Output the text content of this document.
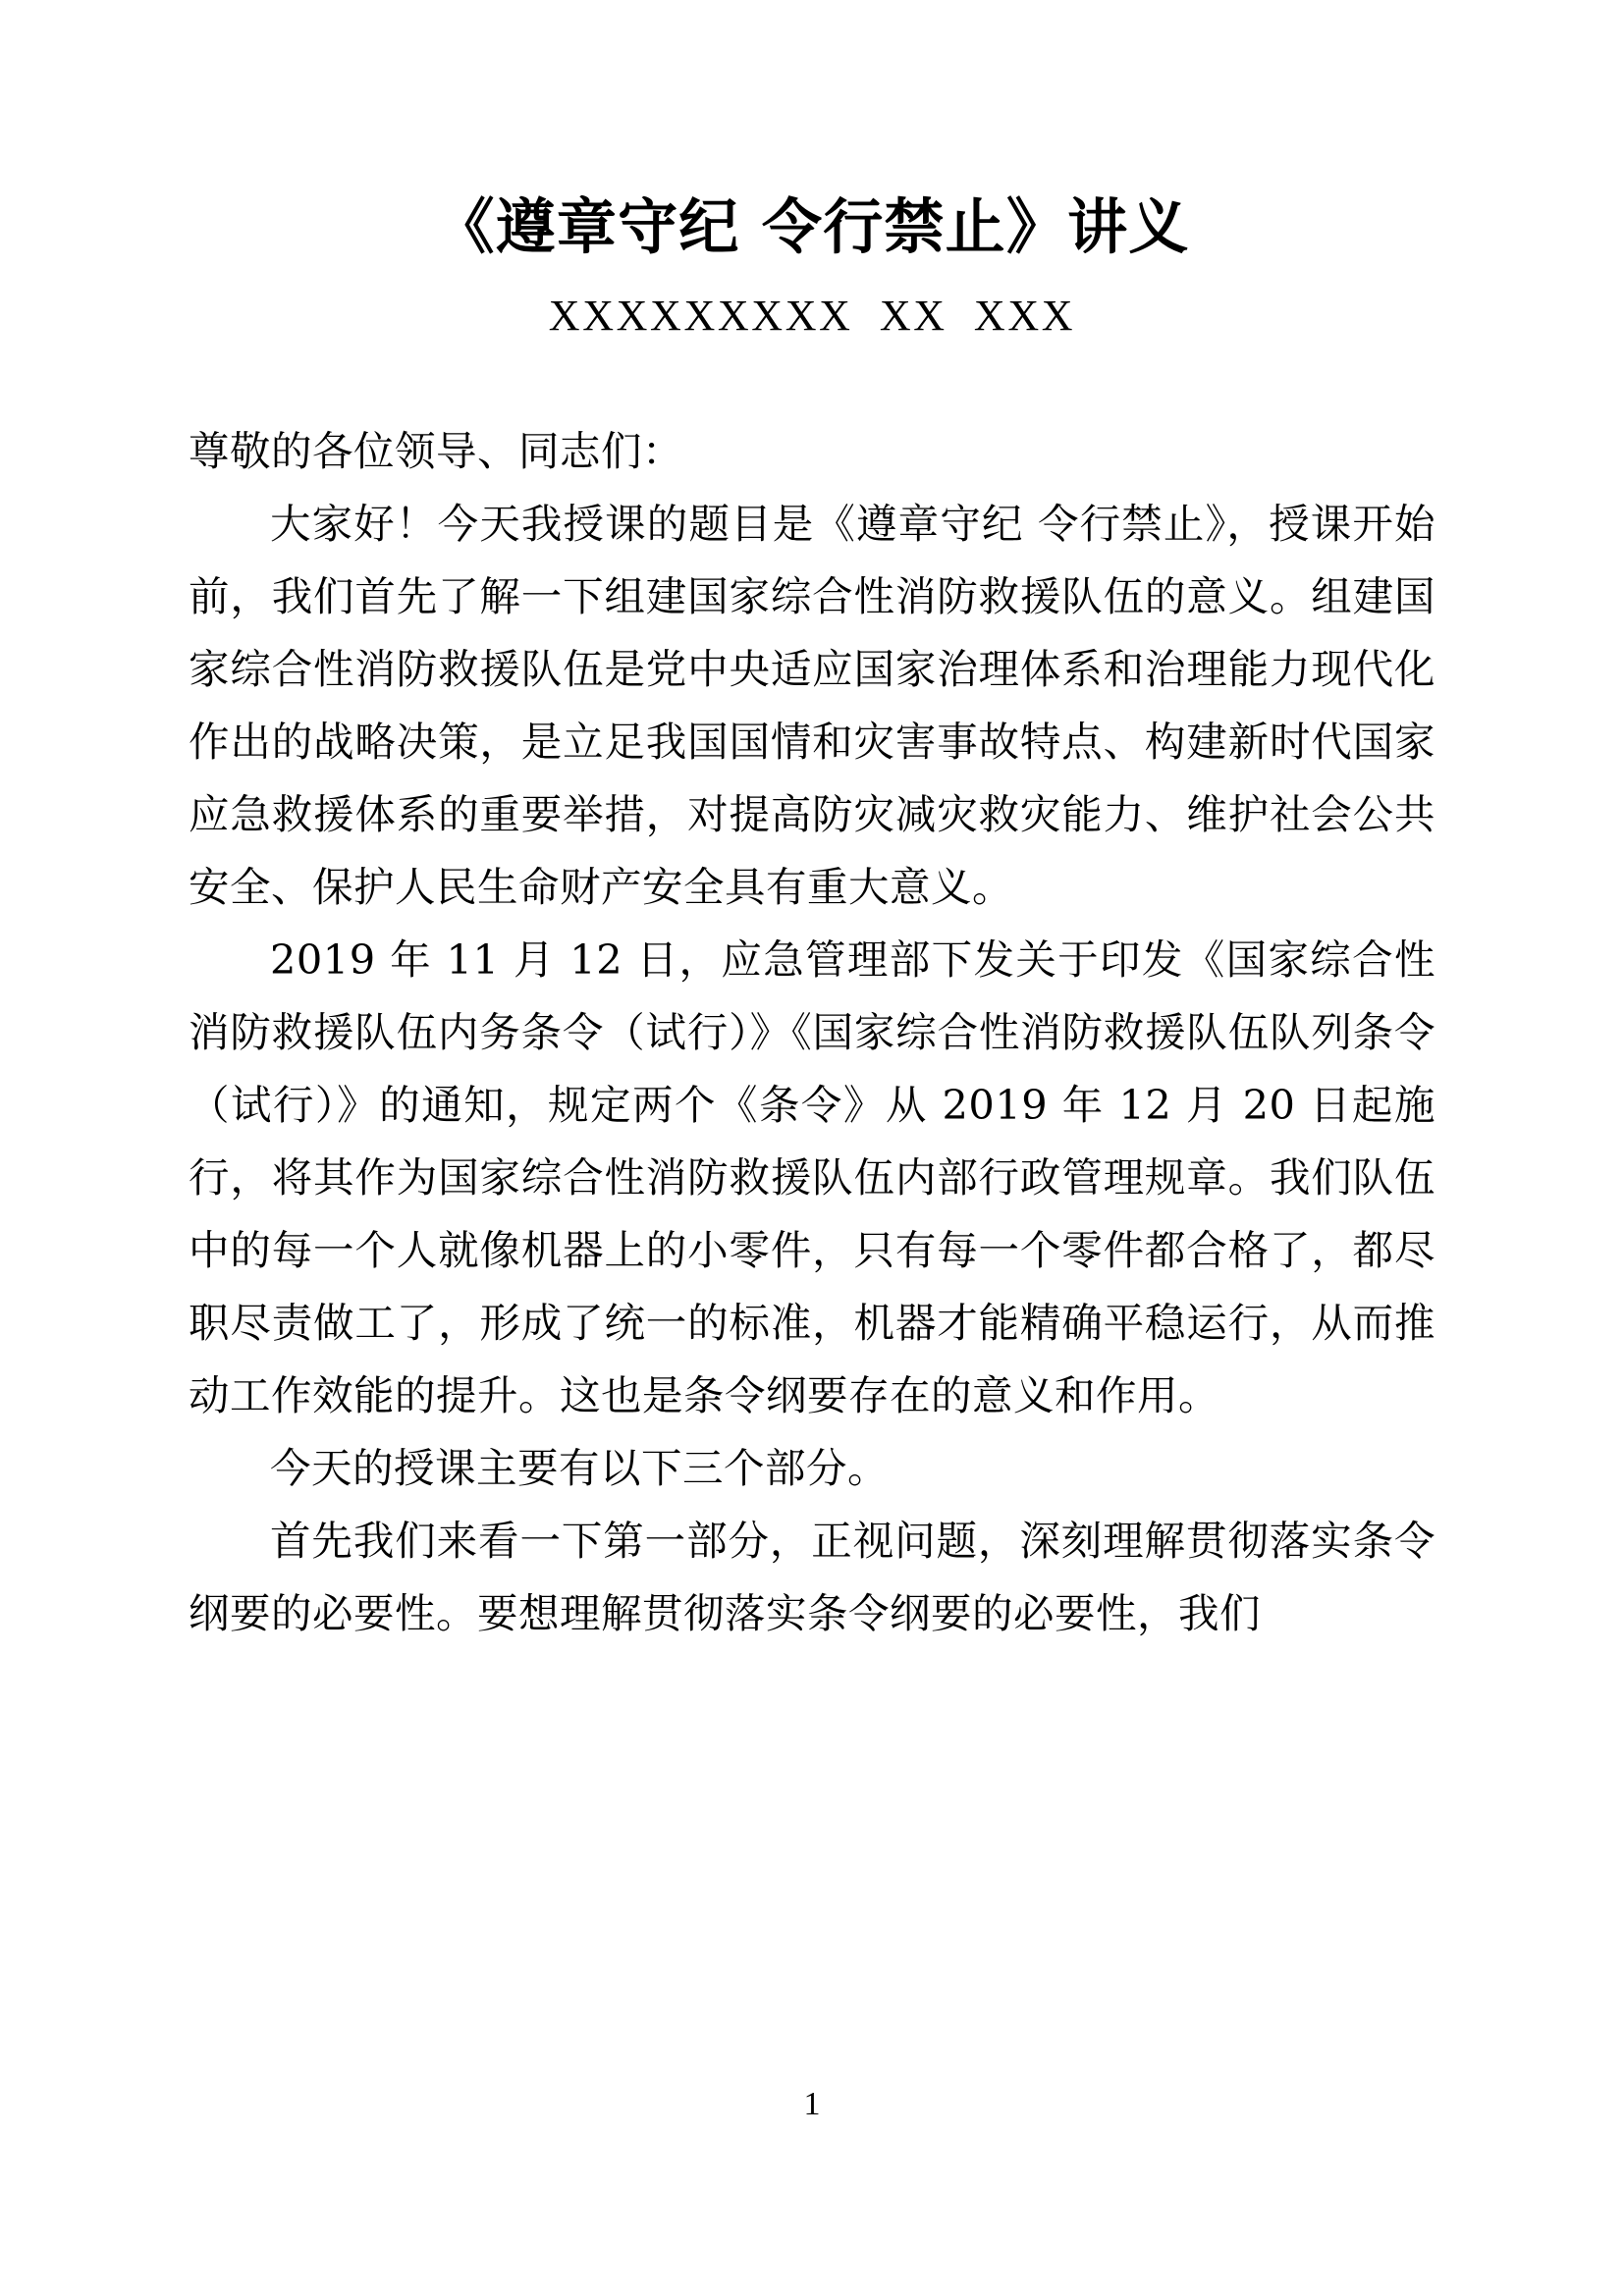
《遵章守纪 令行禁止》讲义
XXXXXXXXX  XX  XXX

尊敬的各位领导、同志们：

大家好！今天我授课的题目是《遵章守纪 令行禁止》，授课开始前，我们首先了解一下组建国家综合性消防救援队伍的意义。组建国家综合性消防救援队伍是党中央适应国家治理体系和治理能力现代化作出的战略决策，是立足我国国情和灾害事故特点、构建新时代国家应急救援体系的重要举措，对提高防灾减灾救灾能力、维护社会公共安全、保护人民生命财产安全具有重大意义。

2019 年 11 月 12 日，应急管理部下发关于印发《国家综合性消防救援队伍内务条令（试行）》《国家综合性消防救援队伍队列条令（试行）》的通知，规定两个《条令》从 2019 年 12 月 20 日起施行，将其作为国家综合性消防救援队伍内部行政管理规章。我们队伍中的每一个人就像机器上的小零件，只有每一个零件都合格了，都尽职尽责做工了，形成了统一的标准，机器才能精确平稳运行，从而推动工作效能的提升。这也是条令纲要存在的意义和作用。

今天的授课主要有以下三个部分。

首先我们来看一下第一部分，正视问题，深刻理解贯彻落实条令纲要的必要性。要想理解贯彻落实条令纲要的必要性，我们

1
